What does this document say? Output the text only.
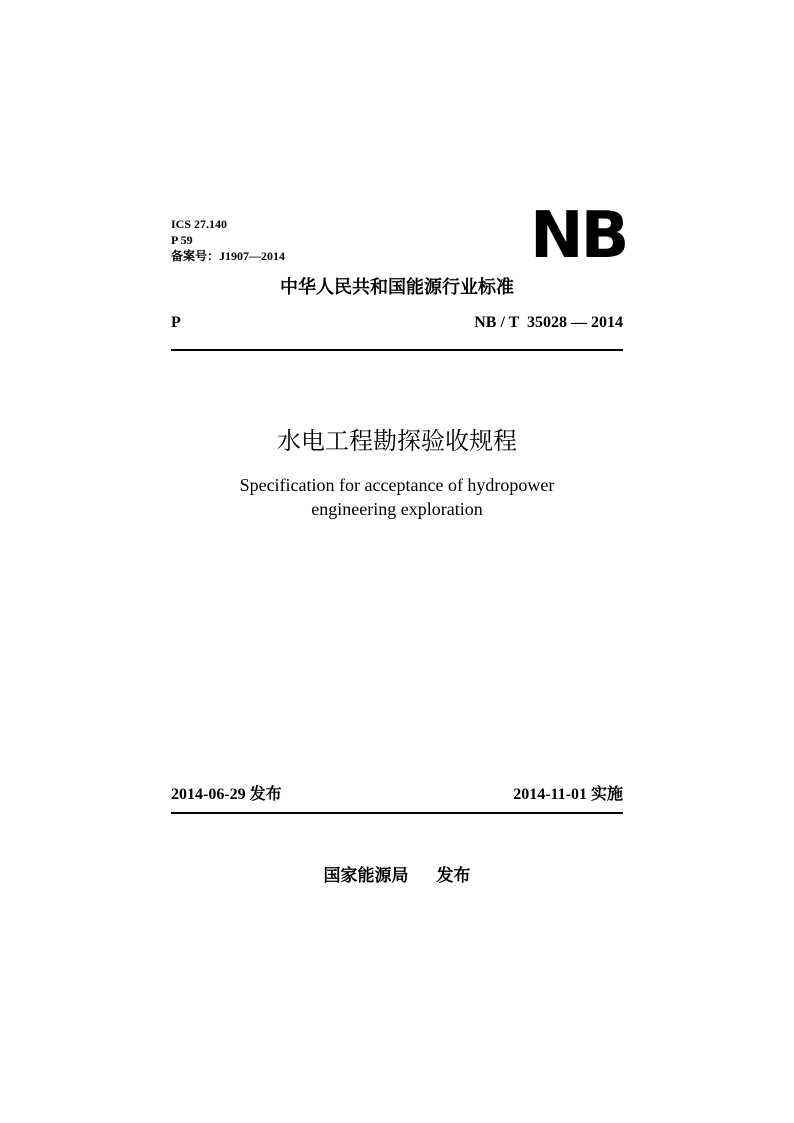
ICS 27.140
P 59
备案号：J1907—2014	NB
中华人民共和国能源行业标准
P	NB / T  35028 — 2014
水电工程勘探验收规程
Specification for acceptance of hydropower
engineering exploration
2014-06-29 发布	2014-11-01 实施
国家能源局 发布
